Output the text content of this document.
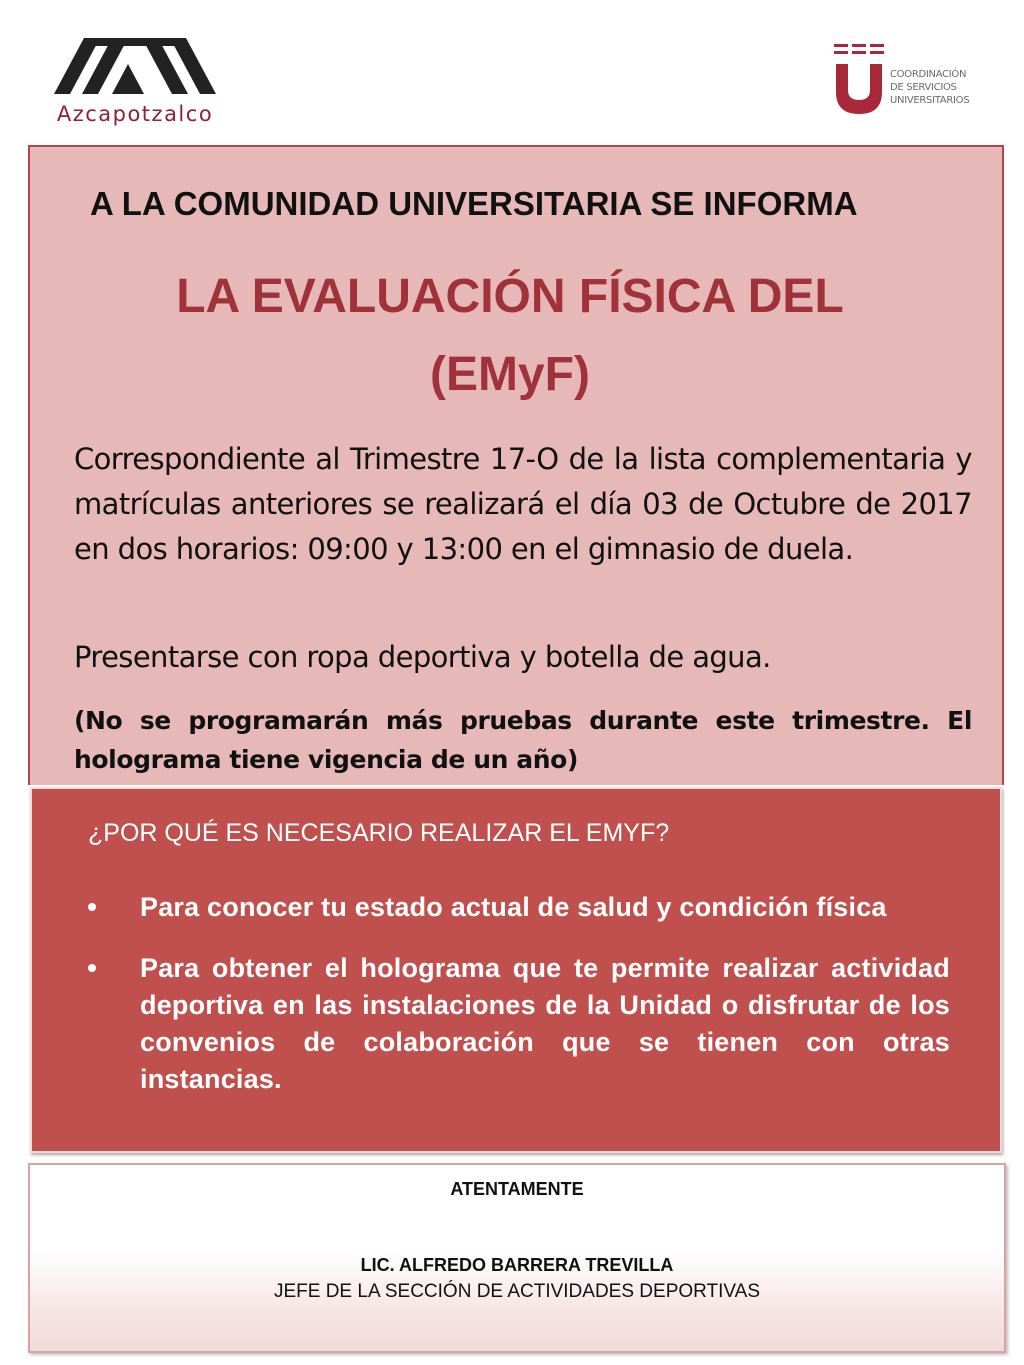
Azcapotzalco
COORDINACIÓN
DE SERVICIOS
UNIVERSITARIOS
A LA COMUNIDAD UNIVERSITARIA SE INFORMA
LA EVALUACIÓN FÍSICA DEL
(EMyF)
Correspondiente al Trimestre 17-O de la lista complementaria y matrículas anteriores se realizará el día 03 de Octubre de 2017 en dos horarios: 09:00 y 13:00 en el gimnasio de duela.
Presentarse con ropa deportiva y botella de agua.
(No se programarán más pruebas durante este trimestre. El holograma tiene vigencia de un año)
¿POR QUÉ ES NECESARIO REALIZAR EL EMYF?
Para conocer tu estado actual de salud y condición física
Para obtener el holograma que te permite realizar actividad deportiva en las instalaciones de la Unidad o disfrutar de los convenios de colaboración que se tienen con otras instancias.
ATENTAMENTE
LIC. ALFREDO BARRERA TREVILLA
JEFE DE LA SECCIÓN DE ACTIVIDADES DEPORTIVAS
